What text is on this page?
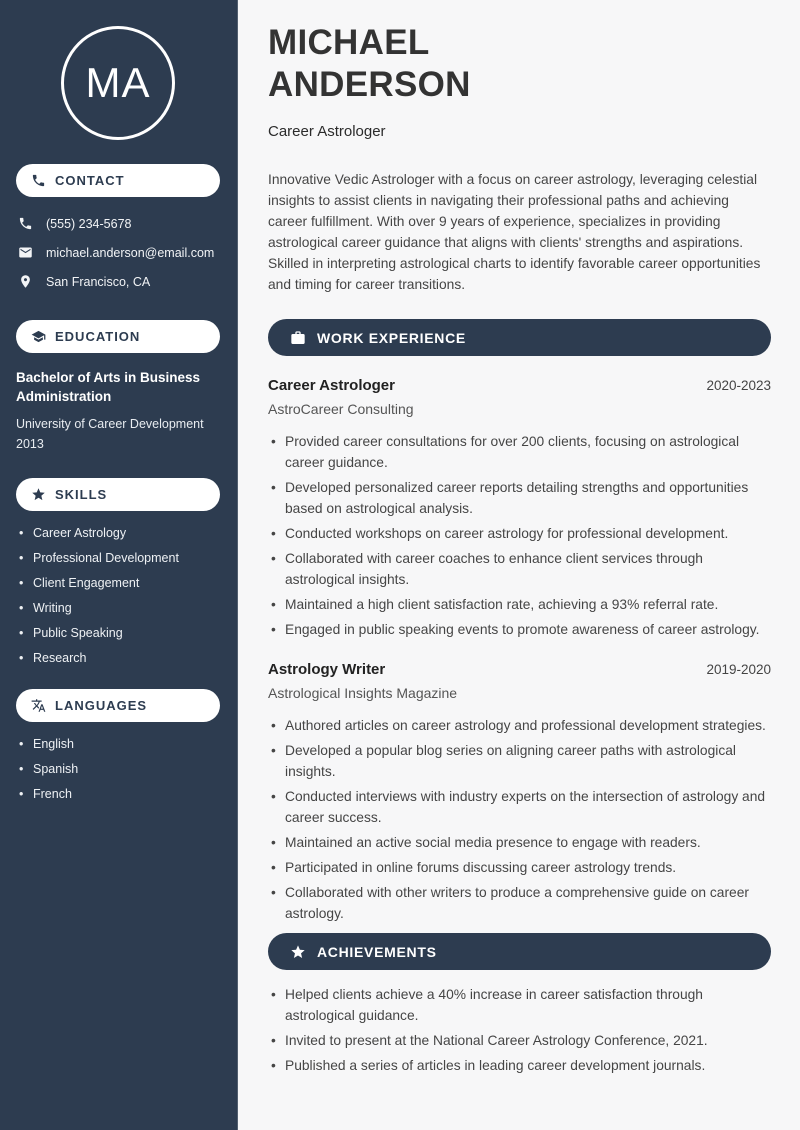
MA
CONTACT
(555) 234-5678
michael.anderson@email.com
San Francisco, CA
EDUCATION
Bachelor of Arts in Business Administration
University of Career Development
2013
SKILLS
• Career Astrology
• Professional Development
• Client Engagement
• Writing
• Public Speaking
• Research
LANGUAGES
• English
• Spanish
• French
MICHAEL
ANDERSON
Career Astrologer

Innovative Vedic Astrologer with a focus on career astrology, leveraging celestial insights to assist clients in navigating their professional paths and achieving career fulfillment. With over 9 years of experience, specializes in providing astrological career guidance that aligns with clients' strengths and aspirations. Skilled in interpreting astrological charts to identify favorable career opportunities and timing for career transitions.

WORK EXPERIENCE
Career Astrologer	2020-2023
AstroCareer Consulting
• Provided career consultations for over 200 clients, focusing on astrological career guidance.
• Developed personalized career reports detailing strengths and opportunities based on astrological analysis.
• Conducted workshops on career astrology for professional development.
• Collaborated with career coaches to enhance client services through astrological insights.
• Maintained a high client satisfaction rate, achieving a 93% referral rate.
• Engaged in public speaking events to promote awareness of career astrology.
Astrology Writer	2019-2020
Astrological Insights Magazine
• Authored articles on career astrology and professional development strategies.
• Developed a popular blog series on aligning career paths with astrological insights.
• Conducted interviews with industry experts on the intersection of astrology and career success.
• Maintained an active social media presence to engage with readers.
• Participated in online forums discussing career astrology trends.
• Collaborated with other writers to produce a comprehensive guide on career astrology.
ACHIEVEMENTS
• Helped clients achieve a 40% increase in career satisfaction through astrological guidance.
• Invited to present at the National Career Astrology Conference, 2021.
• Published a series of articles in leading career development journals.
